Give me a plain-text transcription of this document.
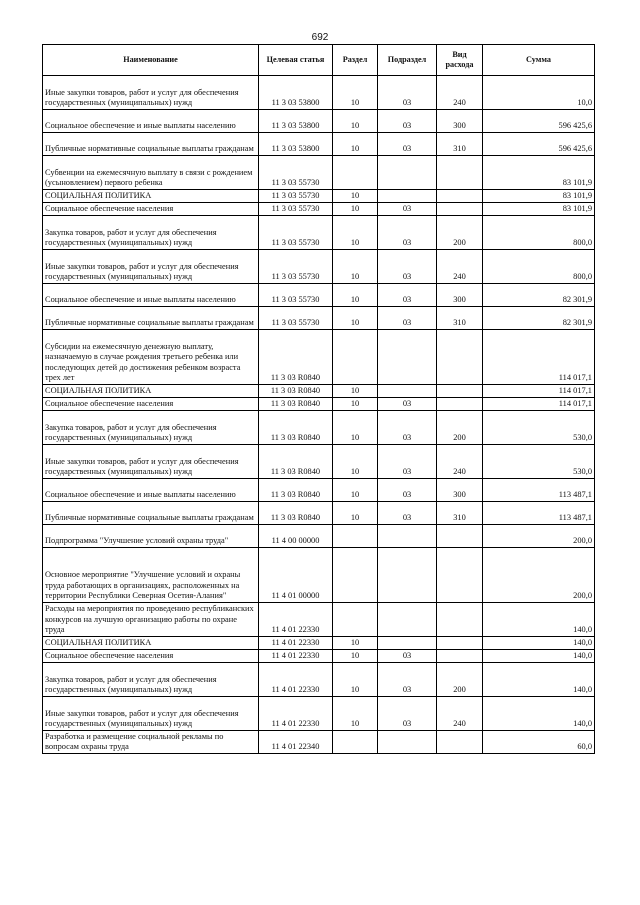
692
Наименование	Целевая статья	Раздел	Подраздел	Вид расхода	Сумма
Иные закупки товаров, работ и услуг для обеспечения государственных (муниципальных) нужд	11 3 03 53800	10	03	240	10,0
Социальное обеспечение и иные выплаты населению	11 3 03 53800	10	03	300	596 425,6
Публичные нормативные социальные выплаты гражданам	11 3 03 53800	10	03	310	596 425,6
Субвенции на ежемесячную выплату в связи с рождением (усыновлением) первого ребенка	11 3 03 55730				83 101,9
СОЦИАЛЬНАЯ ПОЛИТИКА	11 3 03 55730	10			83 101,9
Социальное обеспечение населения	11 3 03 55730	10	03		83 101,9
Закупка товаров, работ и услуг для обеспечения государственных (муниципальных) нужд	11 3 03 55730	10	03	200	800,0
Иные закупки товаров, работ и услуг для обеспечения государственных (муниципальных) нужд	11 3 03 55730	10	03	240	800,0
Социальное обеспечение и иные выплаты населению	11 3 03 55730	10	03	300	82 301,9
Публичные нормативные социальные выплаты гражданам	11 3 03 55730	10	03	310	82 301,9
Субсидии на ежемесячную денежную выплату, назначаемую в случае рождения третьего ребенка или последующих детей до достижения ребенком возраста трех лет	11 3 03 R0840				114 017,1
СОЦИАЛЬНАЯ ПОЛИТИКА	11 3 03 R0840	10			114 017,1
Социальное обеспечение населения	11 3 03 R0840	10	03		114 017,1
Закупка товаров, работ и услуг для обеспечения государственных (муниципальных) нужд	11 3 03 R0840	10	03	200	530,0
Иные закупки товаров, работ и услуг для обеспечения государственных (муниципальных) нужд	11 3 03 R0840	10	03	240	530,0
Социальное обеспечение и иные выплаты населению	11 3 03 R0840	10	03	300	113 487,1
Публичные нормативные социальные выплаты гражданам	11 3 03 R0840	10	03	310	113 487,1
Подпрограмма "Улучшение условий охраны труда"	11 4 00 00000				200,0
Основное мероприятие "Улучшение условий и охраны труда работающих в организациях, расположенных на территории Республики Северная Осетия-Алания"	11 4 01 00000				200,0
Расходы на мероприятия по проведению республиканских конкурсов на лучшую организацию работы по охране труда	11 4 01 22330				140,0
СОЦИАЛЬНАЯ ПОЛИТИКА	11 4 01 22330	10			140,0
Социальное обеспечение населения	11 4 01 22330	10	03		140,0
Закупка товаров, работ и услуг для обеспечения государственных (муниципальных) нужд	11 4 01 22330	10	03	200	140,0
Иные закупки товаров, работ и услуг для обеспечения государственных (муниципальных) нужд	11 4 01 22330	10	03	240	140,0
Разработка и размещение социальной рекламы по вопросам охраны труда	11 4 01 22340				60,0
